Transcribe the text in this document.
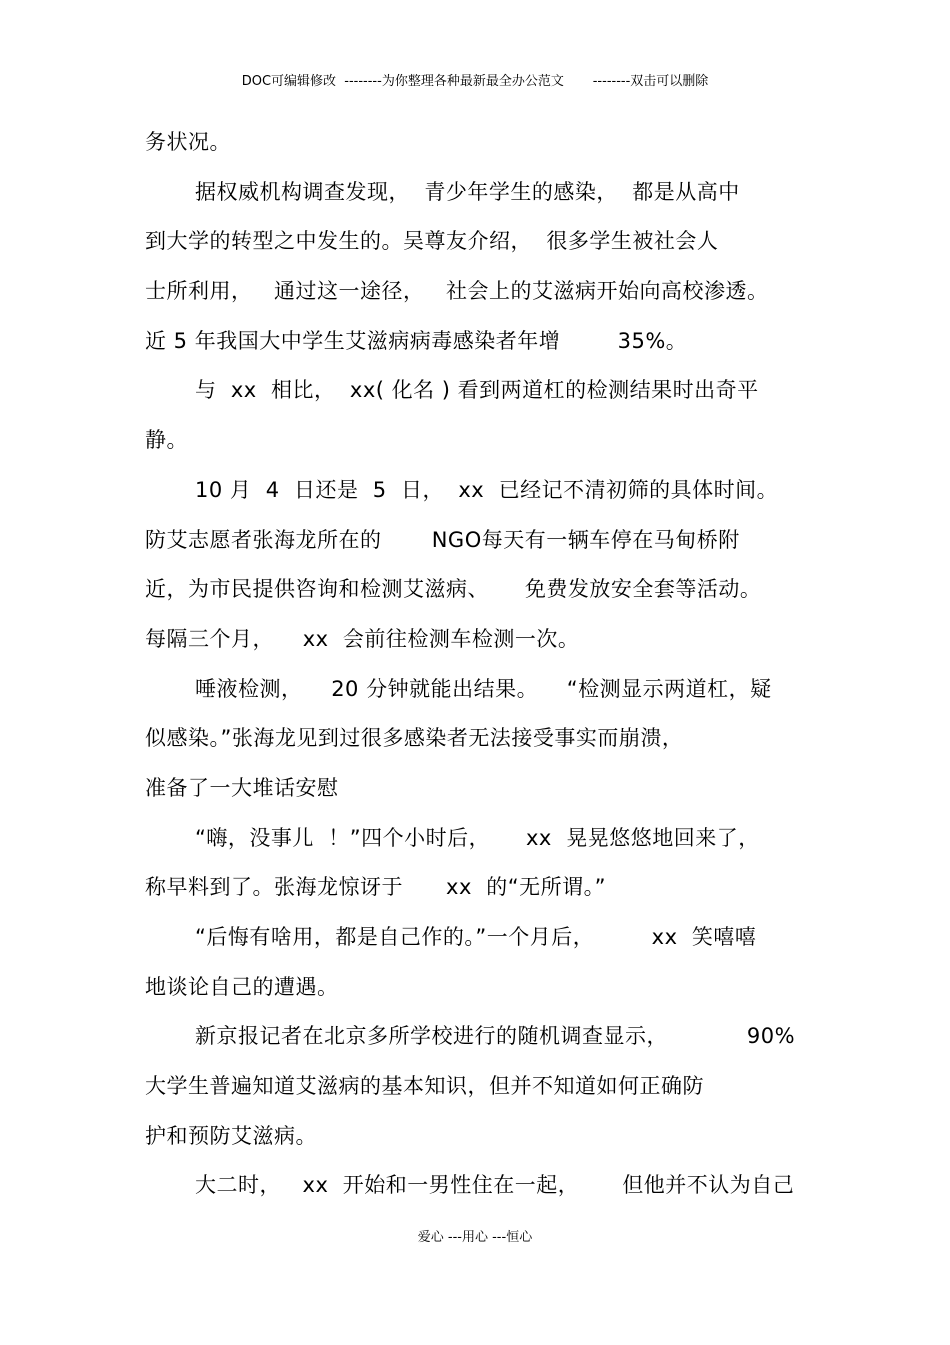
DOC可编辑修改  --------为你整理各种最新最全办公范文       --------双击可以删除
务状况。
据权威机构调查发现，  青少年学生的感染，  都是从高中
到大学的转型之中发生的。吴尊友介绍，  很多学生被社会人
士所利用，   通过这一途径，   社会上的艾滋病开始向高校渗透。
近 5 年我国大中学生艾滋病病毒感染者年增        35%。
与  xx  相比，  xx( 化名 ) 看到两道杠的检测结果时出奇平
静。
10 月  4  日还是  5  日，  xx  已经记不清初筛的具体时间。
防艾志愿者张海龙所在的       NGO每天有一辆车停在马甸桥附
近，为市民提供咨询和检测艾滋病、     免费发放安全套等活动。
每隔三个月，    xx  会前往检测车检测一次。
唾液检测，    20 分钟就能出结果。    “检测显示两道杠，疑
似感染。”张海龙见到过很多感染者无法接受事实而崩溃，
准备了一大堆话安慰
“嗨，没事儿  ！”四个小时后，     xx  晃晃悠悠地回来了，
称早料到了。张海龙惊讶于      xx  的“无所谓。”
“后悔有啥用，都是自己作的。”一个月后，        xx  笑嘻嘻
地谈论自己的遭遇。
新京报记者在北京多所学校进行的随机调查显示，           90%
大学生普遍知道艾滋病的基本知识，但并不知道如何正确防
护和预防艾滋病。
大二时，   xx  开始和一男性住在一起，      但他并不认为自己
爱心 ---用心 ---恒心
